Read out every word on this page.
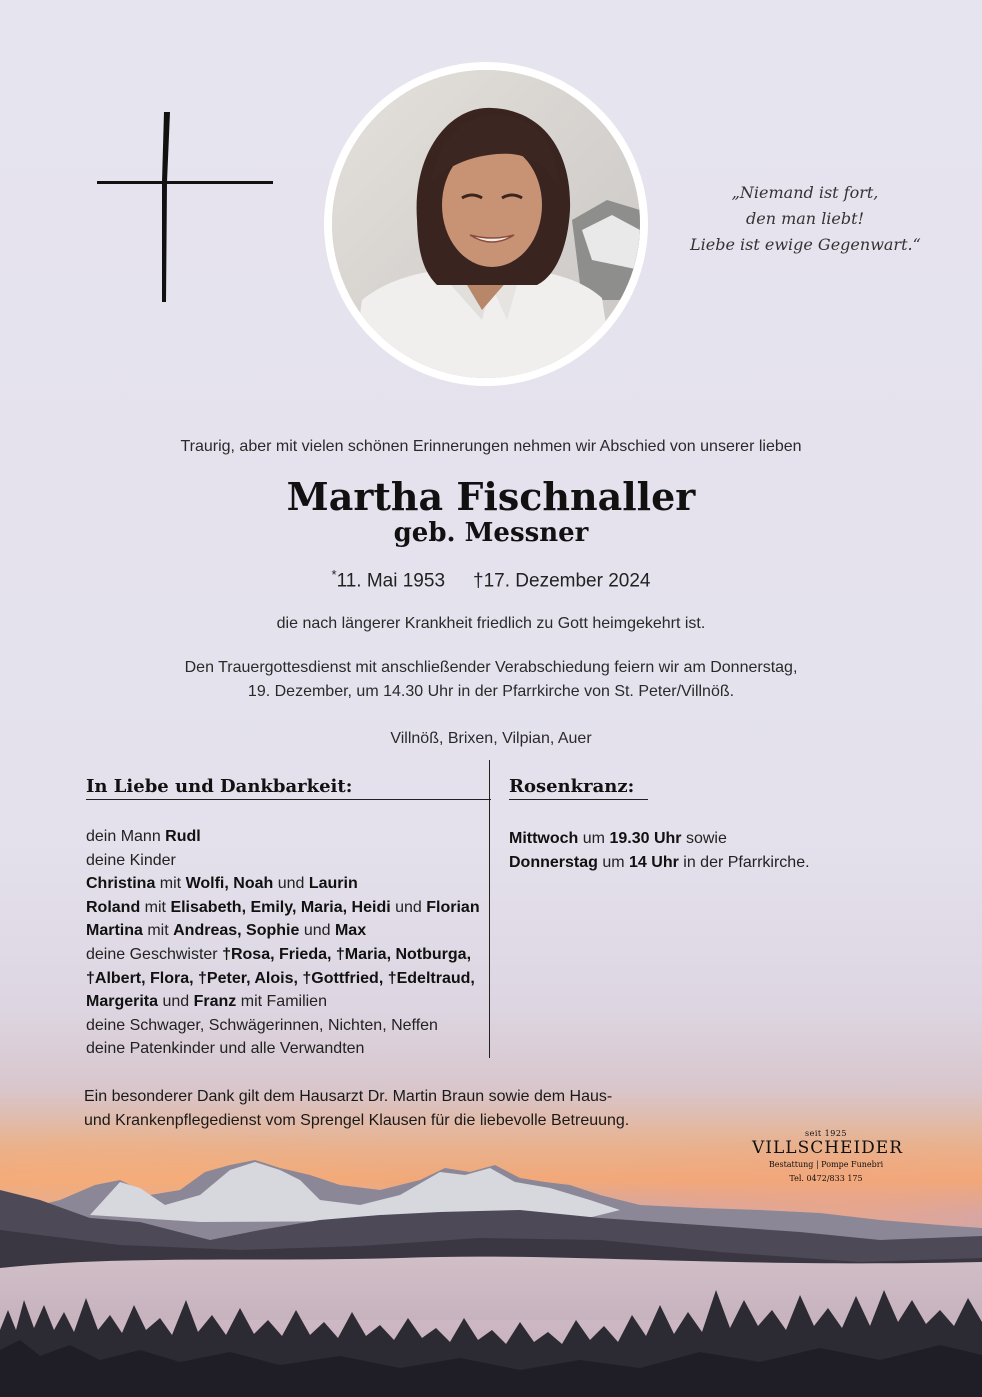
„Niemand ist fort,
den man liebt!
Liebe ist ewige Gegenwart.“
Traurig, aber mit vielen schönen Erinnerungen nehmen wir Abschied von unserer lieben
Martha Fischnaller
geb. Messner
*11. Mai 1953 †17. Dezember 2024
die nach längerer Krankheit friedlich zu Gott heimgekehrt ist.
Den Trauergottesdienst mit anschließender Verabschiedung feiern wir am Donnerstag,
19. Dezember, um 14.30 Uhr in der Pfarrkirche von St. Peter/Villnöß.
Villnöß, Brixen, Vilpian, Auer
In Liebe und Dankbarkeit:	Rosenkranz:
dein Mann Rudl
deine Kinder
Christina mit Wolfi, Noah und Laurin
Roland mit Elisabeth, Emily, Maria, Heidi und Florian
Martina mit Andreas, Sophie und Max
deine Geschwister †Rosa, Frieda, †Maria, Notburga,
†Albert, Flora, †Peter, Alois, †Gottfried, †Edeltraud,
Margerita und Franz mit Familien
deine Schwager, Schwägerinnen, Nichten, Neffen
deine Patenkinder und alle Verwandten
Mittwoch um 19.30 Uhr sowie
Donnerstag um 14 Uhr in der Pfarrkirche.
Ein besonderer Dank gilt dem Hausarzt Dr. Martin Braun sowie dem Haus-
und Krankenpflegedienst vom Sprengel Klausen für die liebevolle Betreuung.
seit 1925
VILLSCHEIDER
Bestattung | Pompe Funebri
Tel. 0472/833 175
